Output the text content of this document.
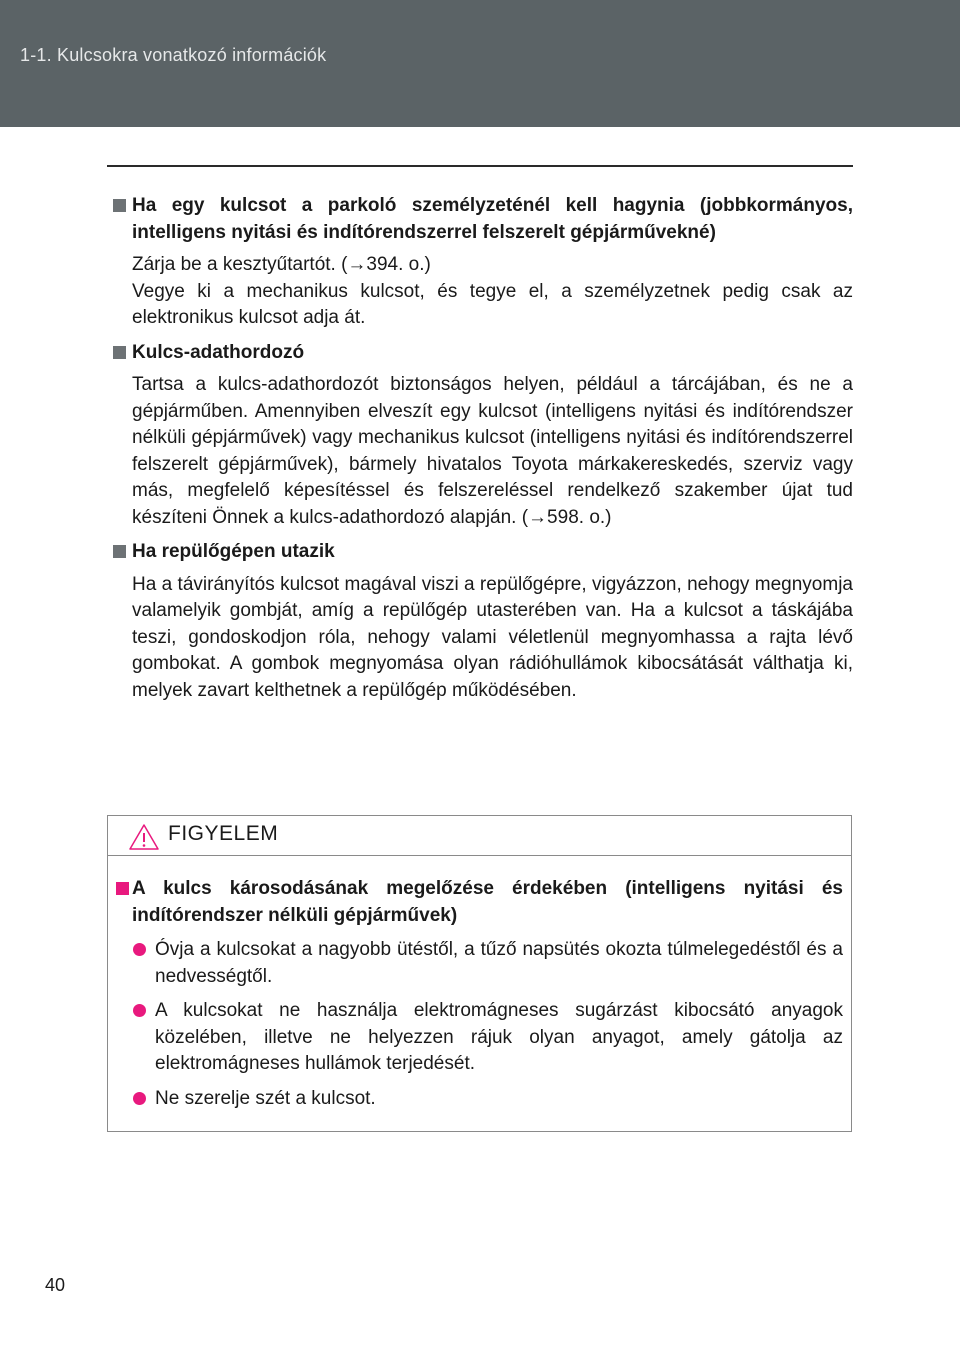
1-1. Kulcsokra vonatkozó információk
Ha egy kulcsot a parkoló személyzeténél kell hagynia (jobbkormányos, intelligens nyitási és indítórendszerrel felszerelt gépjárművekné)

Zárja be a kesztyűtartót. (→394. o.)

Vegye ki a mechanikus kulcsot, és tegye el, a személyzetnek pedig csak az elektronikus kulcsot adja át.

Kulcs-adathordozó

Tartsa a kulcs-adathordozót biztonságos helyen, például a tárcájában, és ne a gépjárműben. Amennyiben elveszít egy kulcsot (intelligens nyitási és indítórendszer nélküli gépjárművek) vagy mechanikus kulcsot (intelligens nyitási és indítórendszerrel felszerelt gépjárművek), bármely hivatalos Toyota márkakereskedés, szerviz vagy más, megfelelő képesítéssel és felszereléssel rendelkező szakember újat tud készíteni Önnek a kulcs-adathordozó alapján. (→598. o.)

Ha repülőgépen utazik

Ha a távirányítós kulcsot magával viszi a repülőgépre, vigyázzon, nehogy megnyomja valamelyik gombját, amíg a repülőgép utasterében van. Ha a kulcsot a táskájába teszi, gondoskodjon róla, nehogy valami véletlenül megnyomhassa a rajta lévő gombokat. A gombok megnyomása olyan rádióhullámok kibocsátását válthatja ki, melyek zavart kelthetnek a repülőgép működésében.

FIGYELEM
A kulcs károsodásának megelőzése érdekében (intelligens nyitási és indítórendszer nélküli gépjárművek)
Óvja a kulcsokat a nagyobb ütéstől, a tűző napsütés okozta túlmelegedéstől és a nedvességtől.
A kulcsokat ne használja elektromágneses sugárzást kibocsátó anyagok közelében, illetve ne helyezzen rájuk olyan anyagot, amely gátolja az elektromágneses hullámok terjedését.
Ne szerelje szét a kulcsot.
40
